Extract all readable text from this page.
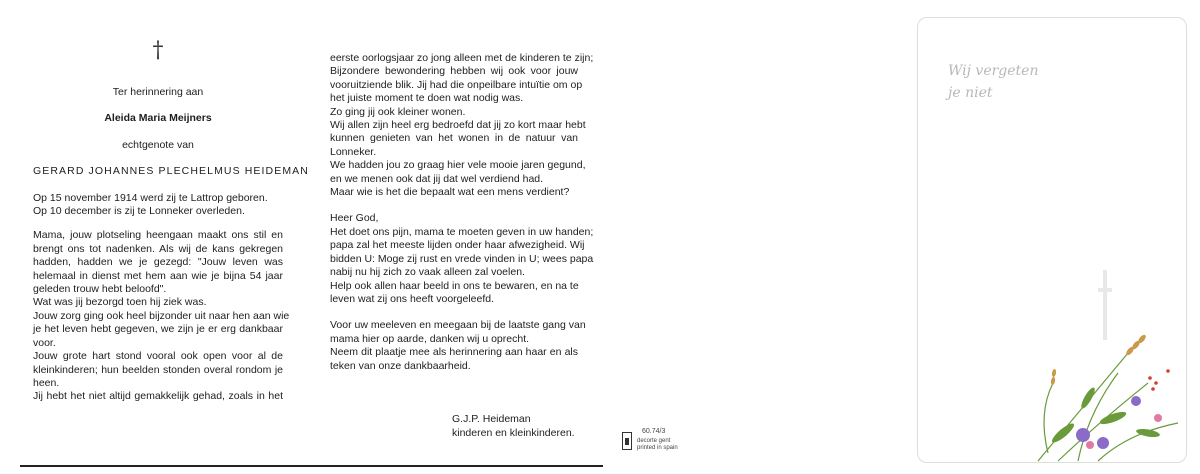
†
Ter herinnering aan
Aleida Maria Meijners
echtgenote van
GERARD JOHANNES PLECHELMUS HEIDEMAN
Op 15 november 1914 werd zij te Lattrop geboren.
Op 10 december is zij te Lonneker overleden.
Mama, jouw plotseling heengaan maakt ons stil en
brengt ons tot nadenken. Als wij de kans gekregen
hadden, hadden we je gezegd: "Jouw leven was
helemaal in dienst met hem aan wie je bijna 54 jaar
geleden trouw hebt beloofd".
Wat was jij bezorgd toen hij ziek was.
Jouw zorg ging ook heel bijzonder uit naar hen aan wie
je het leven hebt gegeven, we zijn je er erg dankbaar
voor.
Jouw grote hart stond vooral ook open voor al de
kleinkinderen; hun beelden stonden overal rondom je
heen.
Jij hebt het niet altijd gemakkelijk gehad, zoals in het
eerste oorlogsjaar zo jong alleen met de kinderen te zijn;
Bijzondere bewondering hebben wij ook voor jouw
vooruitziende blik. Jij had die onpeilbare intuïtie om op
het juiste moment te doen wat nodig was.
Zo ging jij ook kleiner wonen.
Wij allen zijn heel erg bedroefd dat jij zo kort maar hebt
kunnen genieten van het wonen in de natuur van
Lonneker.
We hadden jou zo graag hier vele mooie jaren gegund,
en we menen ook dat jij dat wel verdiend had.
Maar wie is het die bepaalt wat een mens verdient?
Heer God,
Het doet ons pijn, mama te moeten geven in uw handen;
papa zal het meeste lijden onder haar afwezigheid. Wij
bidden U: Moge zij rust en vrede vinden in U; wees papa
nabij nu hij zich zo vaak alleen zal voelen.
Help ook allen haar beeld in ons te bewaren, en na te
leven wat zij ons heeft voorgeleefd.
Voor uw meeleven en meegaan bij de laatste gang van
mama hier op aarde, danken wij u oprecht.
Neem dit plaatje mee als herinnering aan haar en als
teken van onze dankbaarheid.
G.J.P. Heideman
kinderen en kleinkinderen.	60.74/3
decorte gent
printed in spain
Wij vergeten
je niet
